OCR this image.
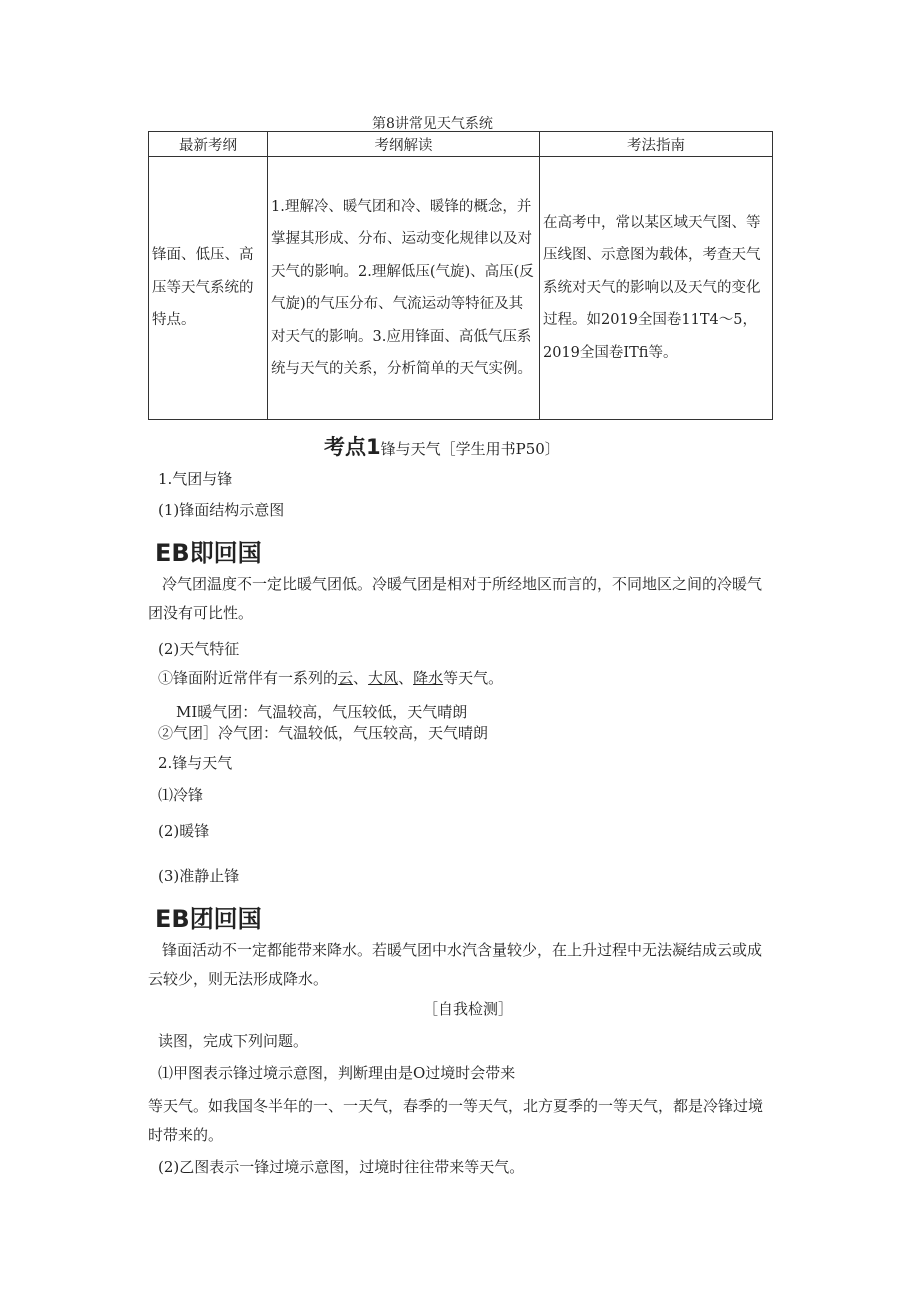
第8讲常见天气系统
最新考纲	考纲解读	考法指南
锋面、低压、高压等天气系统的特点。	1.理解冷、暖气团和冷、暖锋的概念，并掌握其形成、分布、运动变化规律以及对天气的影响。2.理解低压(气旋)、高压(反气旋)的气压分布、气流运动等特征及其对天气的影响。3.应用锋面、高低气压系统与天气的关系，分析简单的天气实例。	在高考中，常以某区域天气图、等压线图、示意图为载体，考查天气系统对天气的影响以及天气的变化过程。如2019全国卷11T4～5，2019全国卷ITfi等。
考点1锋与天气［学生用书P50〕
1.气团与锋
(1)锋面结构示意图
EB即回国
冷气团温度不一定比暖气团低。冷暖气团是相对于所经地区而言的，不同地区之间的冷暖气团没有可比性。
(2)天气特征
①锋面附近常伴有一系列的云、大风、降水等天气。
MI暖气团：气温较高，气压较低，天气晴朗
②气团］冷气团：气温较低，气压较高，天气晴朗
2.锋与天气
⑴冷锋
(2)暖锋
(3)准静止锋
EB团回国
锋面活动不一定都能带来降水。若暖气团中水汽含量较少，在上升过程中无法凝结成云或成云较少，则无法形成降水。
［自我检测］
读图，完成下列问题。
⑴甲图表示锋过境示意图，判断理由是O过境时会带来
等天气。如我国冬半年的一、一天气，春季的一等天气，北方夏季的一等天气，都是冷锋过境时带来的。
(2)乙图表示一锋过境示意图，过境时往往带来等天气。
